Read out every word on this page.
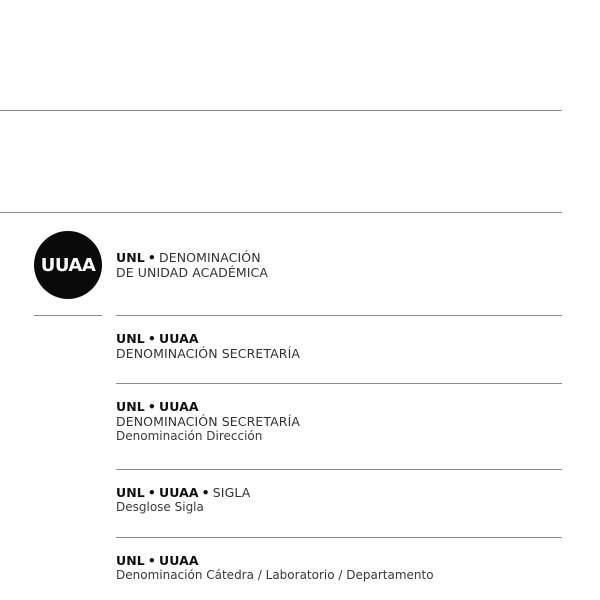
UUAA UNL • DENOMINACIÓN
DE UNIDAD ACADÉMICA
UNL • UUAA
DENOMINACIÓN SECRETARÍA
UNL • UUAA
DENOMINACIÓN SECRETARÍA
Denominación Dirección
UNL • UUAA • SIGLA
Desglose Sigla
UNL • UUAA
Denominación Cátedra / Laboratorio / Departamento
